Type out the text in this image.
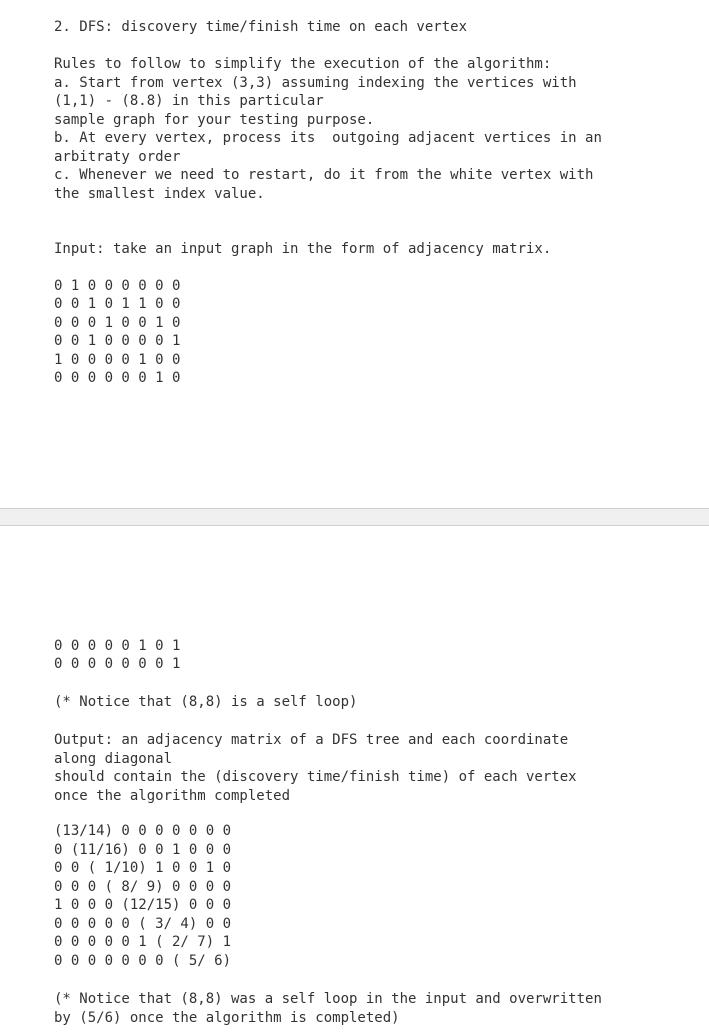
2. DFS: discovery time/finish time on each vertex

Rules to follow to simplify the execution of the algorithm:

a. Start from vertex (3,3) assuming indexing the vertices with

(1,1) - (8.8) in this particular

sample graph for your testing purpose.

b. At every vertex, process its  outgoing adjacent vertices in an

arbitraty order

c. Whenever we need to restart, do it from the white vertex with

the smallest index value.

Input: take an input graph in the form of adjacency matrix.

0 1 0 0 0 0 0 0

0 0 1 0 1 1 0 0

0 0 0 1 0 0 1 0

0 0 1 0 0 0 0 1

1 0 0 0 0 1 0 0

0 0 0 0 0 0 1 0

0 0 0 0 0 1 0 1

0 0 0 0 0 0 0 1

(* Notice that (8,8) is a self loop)

Output: an adjacency matrix of a DFS tree and each coordinate

along diagonal

should contain the (discovery time/finish time) of each vertex

once the algorithm completed

(13/14) 0 0 0 0 0 0 0

0 (11/16) 0 0 1 0 0 0

0 0 ( 1/10) 1 0 0 1 0

0 0 0 ( 8/ 9) 0 0 0 0

1 0 0 0 (12/15) 0 0 0

0 0 0 0 0 ( 3/ 4) 0 0

0 0 0 0 0 1 ( 2/ 7) 1

0 0 0 0 0 0 0 ( 5/ 6)

(* Notice that (8,8) was a self loop in the input and overwritten

by (5/6) once the algorithm is completed)
